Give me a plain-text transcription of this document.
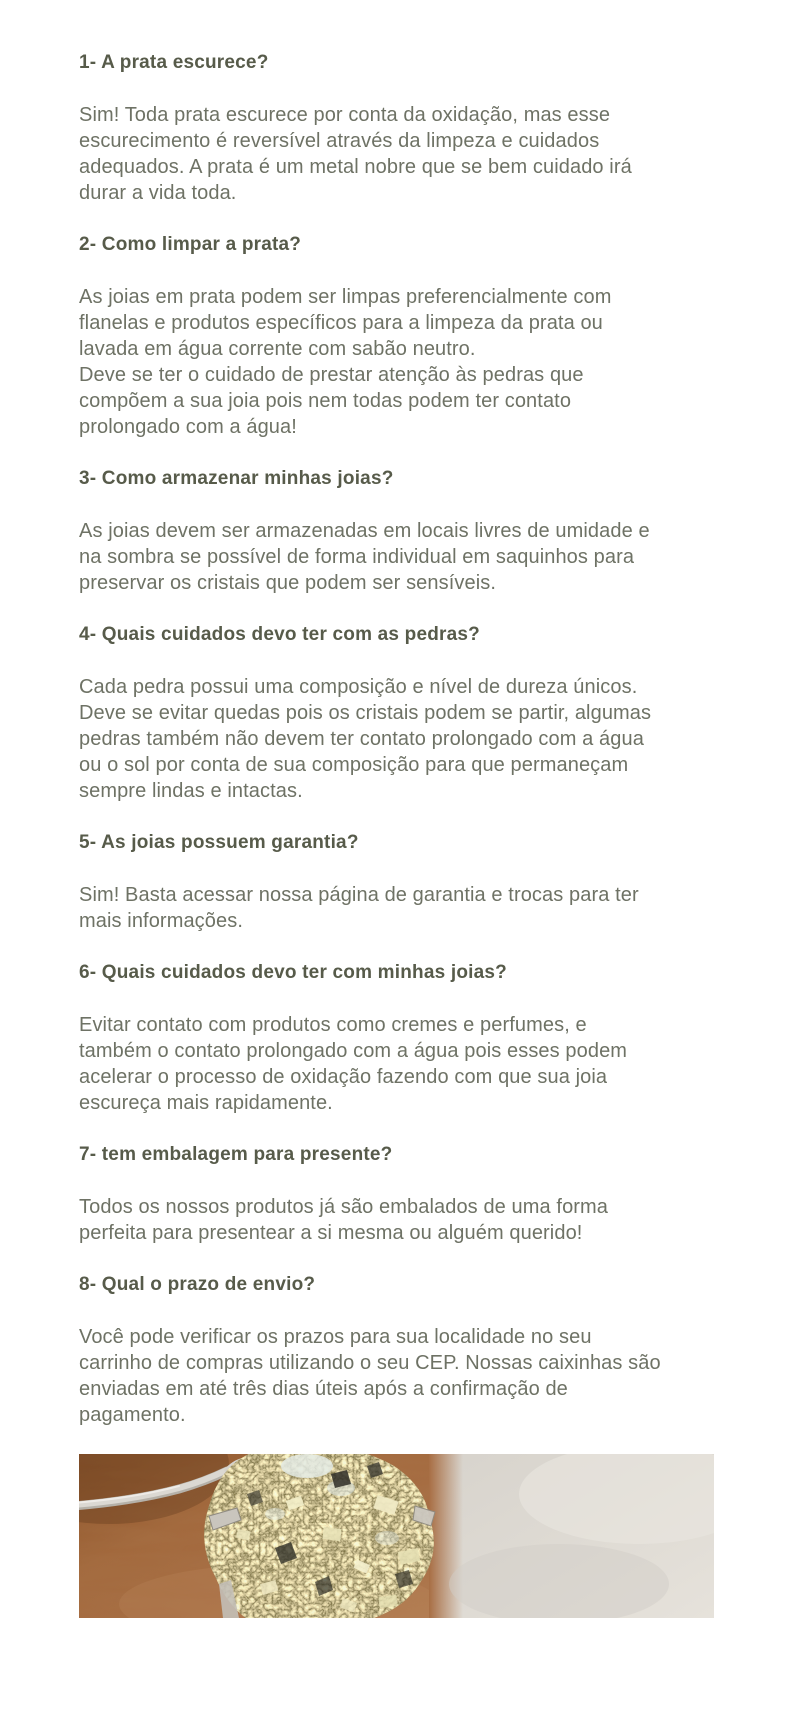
1- A prata escurece?

Sim! Toda prata escurece por conta da oxidação, mas esse escurecimento é reversível através da limpeza e cuidados adequados. A prata é um metal nobre que se bem cuidado irá durar a vida toda.

2- Como limpar a prata?

As joias em prata podem ser limpas preferencialmente com flanelas e produtos específicos para a limpeza da prata ou lavada em água corrente com sabão neutro.

Deve se ter o cuidado de prestar atenção às pedras que compõem a sua joia pois nem todas podem ter contato prolongado com a água!

3- Como armazenar minhas joias?

As joias devem ser armazenadas em locais livres de umidade e na sombra se possível de forma individual em saquinhos para preservar os cristais que podem ser sensíveis.

4- Quais cuidados devo ter com as pedras?

Cada pedra possui uma composição e nível de dureza únicos. Deve se evitar quedas pois os cristais podem se partir, algumas pedras também não devem ter contato prolongado com a água ou o sol por conta de sua composição para que permaneçam sempre lindas e intactas.

5- As joias possuem garantia?

Sim! Basta acessar nossa página de garantia e trocas para ter mais informações.

6- Quais cuidados devo ter com minhas joias?

Evitar contato com produtos como cremes e perfumes, e também o contato prolongado com a água pois esses podem acelerar o processo de oxidação fazendo com que sua joia escureça mais rapidamente.

7- tem embalagem para presente?

Todos os nossos produtos já são embalados de uma forma perfeita para presentear a si mesma ou alguém querido!

8- Qual o prazo de envio?

Você pode verificar os prazos para sua localidade no seu carrinho de compras utilizando o seu CEP. Nossas caixinhas são enviadas em até três dias úteis após a confirmação de pagamento.
